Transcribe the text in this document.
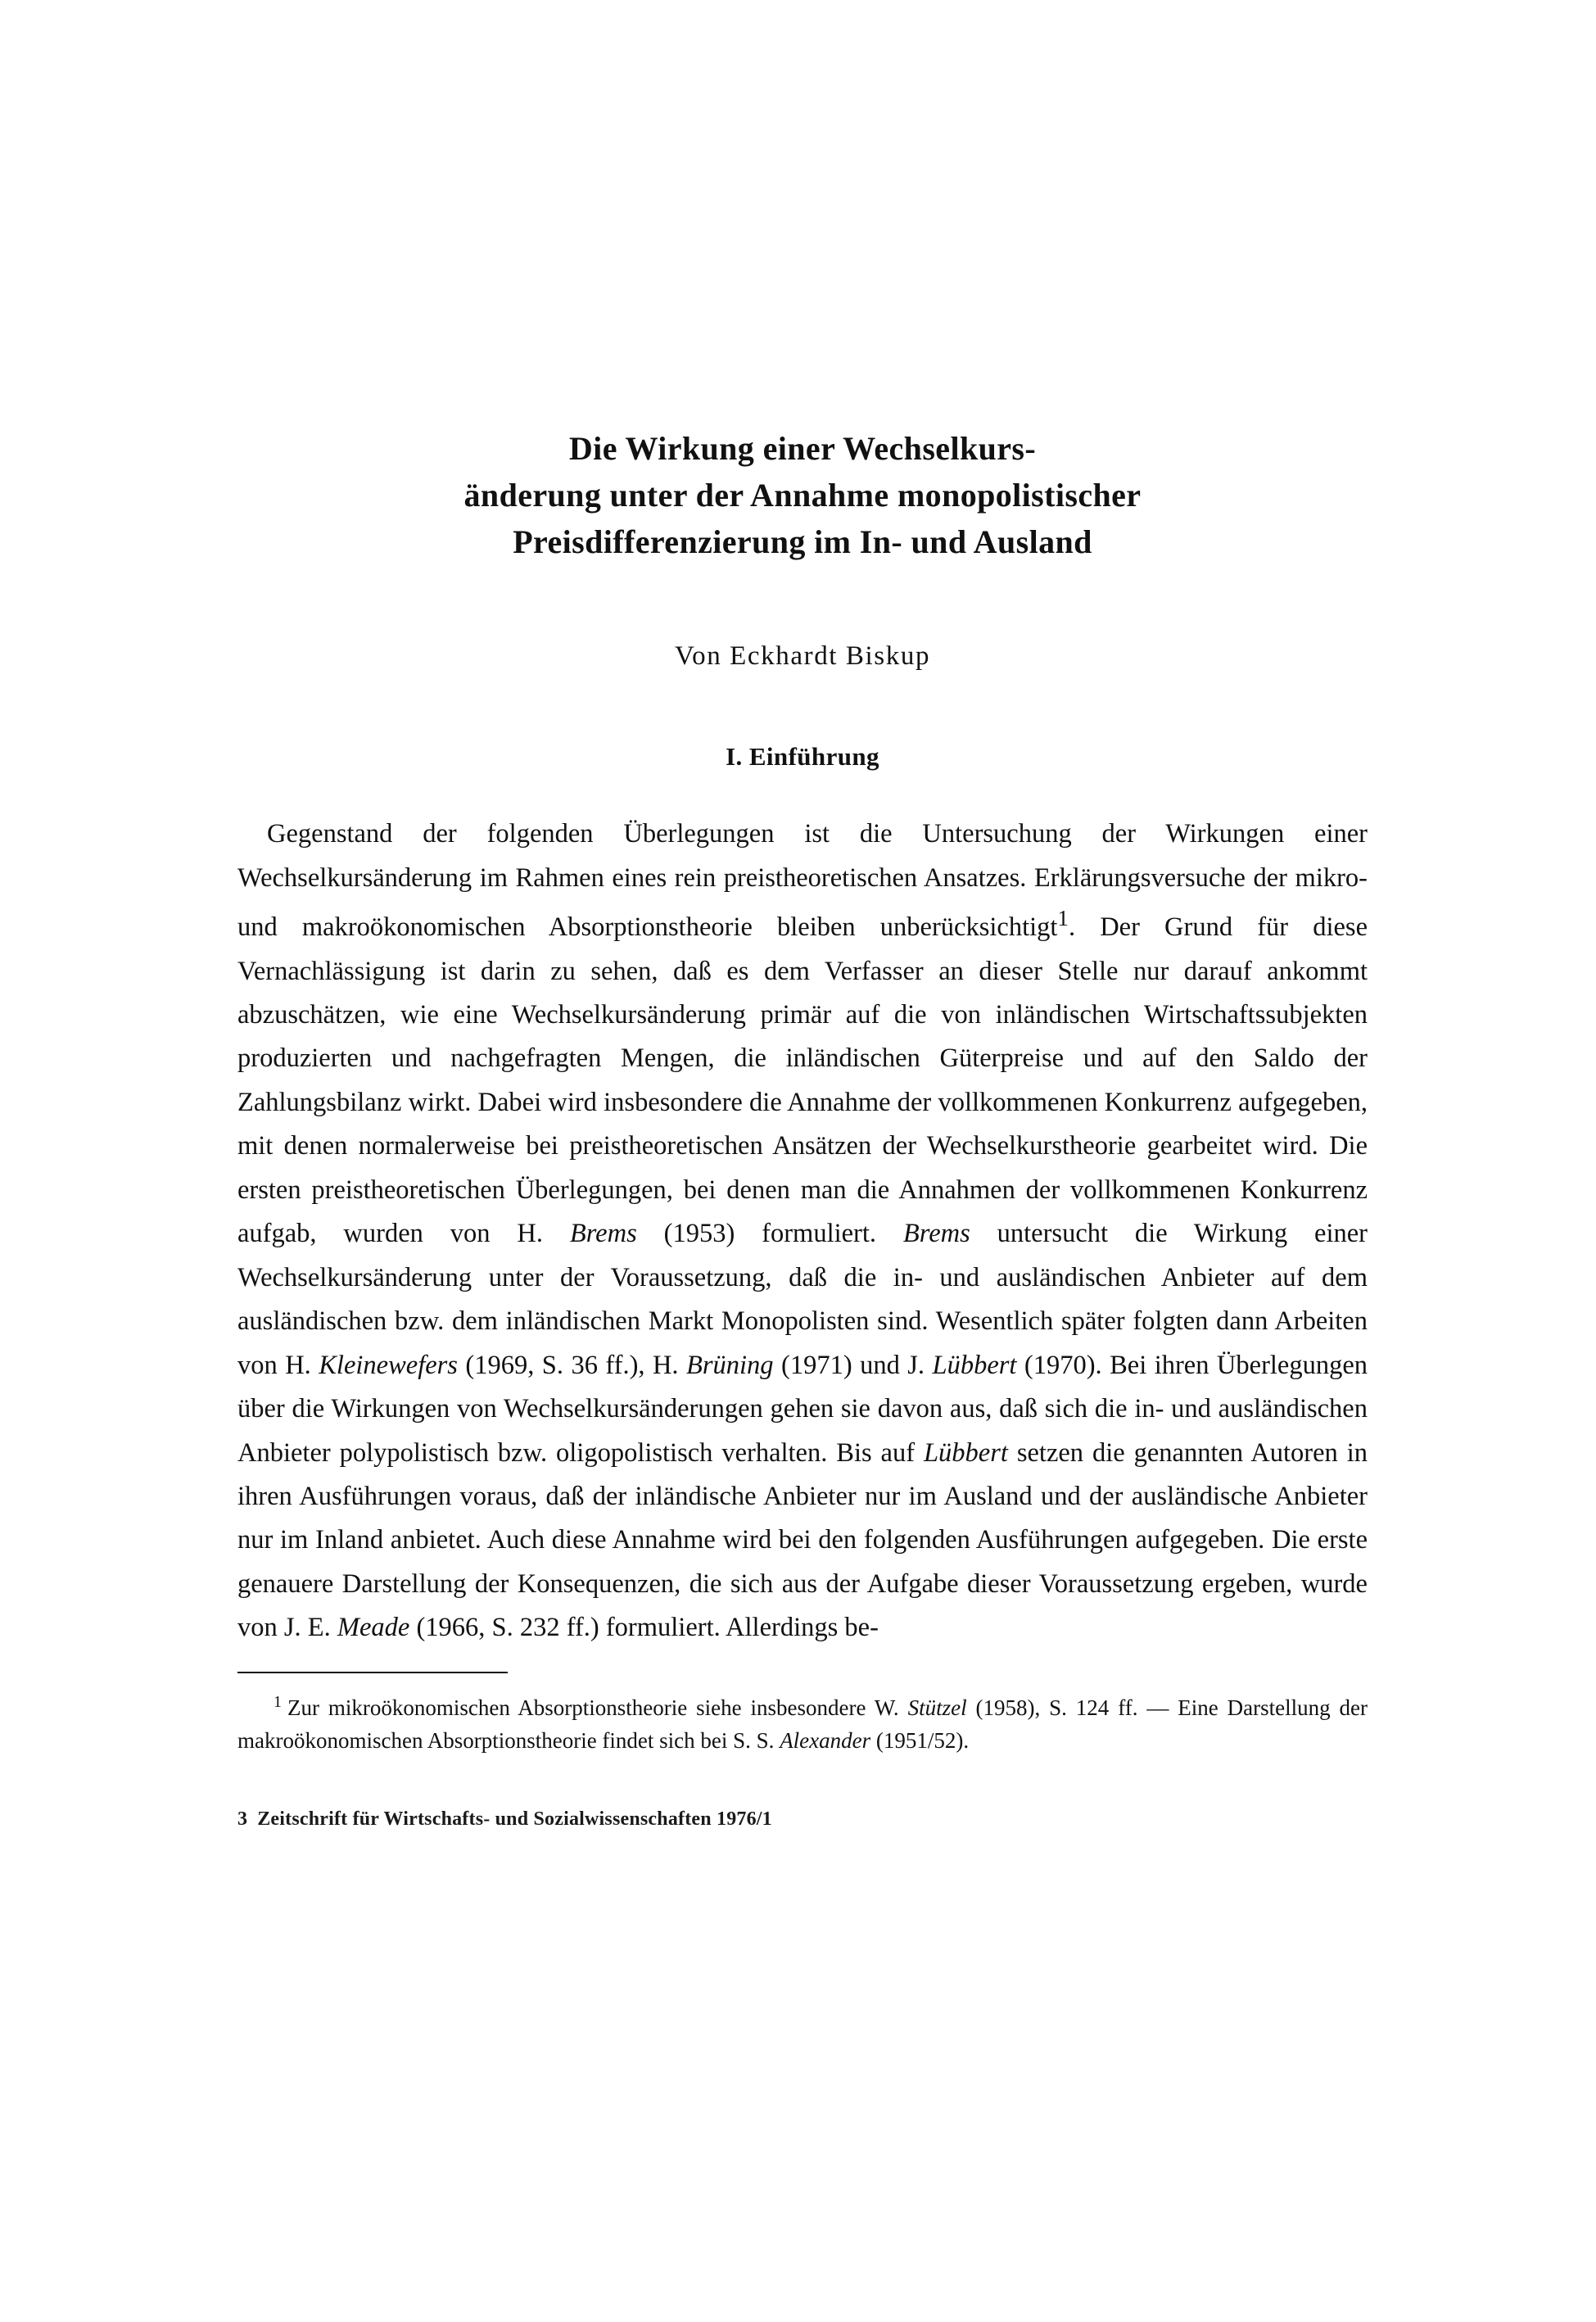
Die Wirkung einer Wechselkurs-
änderung unter der Annahme monopolistischer
Preisdifferenzierung im In- und Ausland
Von Eckhardt Biskup
I. Einführung

Gegenstand der folgenden Überlegungen ist die Untersuchung der Wirkungen einer Wechselkursänderung im Rahmen eines rein preistheoretischen Ansatzes. Erklärungsversuche der mikro- und makroökonomischen Absorptionstheorie bleiben unberücksichtigt$^1$. Der Grund für diese Vernachlässigung ist darin zu sehen, daß es dem Verfasser an dieser Stelle nur darauf ankommt abzuschätzen, wie eine Wechselkursänderung primär auf die von inländischen Wirtschaftssubjekten produzierten und nachgefragten Mengen, die inländischen Güterpreise und auf den Saldo der Zahlungsbilanz wirkt. Dabei wird insbesondere die Annahme der vollkommenen Konkurrenz aufgegeben, mit denen normalerweise bei preistheoretischen Ansätzen der Wechselkurstheorie gearbeitet wird. Die ersten preistheoretischen Überlegungen, bei denen man die Annahmen der vollkommenen Konkurrenz aufgab, wurden von H. Brems (1953) formuliert. Brems untersucht die Wirkung einer Wechselkursänderung unter der Voraussetzung, daß die in- und ausländischen Anbieter auf dem ausländischen bzw. dem inländischen Markt Monopolisten sind. Wesentlich später folgten dann Arbeiten von H. Kleinewefers (1969, S. 36 ff.), H. Brüning (1971) und J. Lübbert (1970). Bei ihren Überlegungen über die Wirkungen von Wechselkursänderungen gehen sie davon aus, daß sich die in- und ausländischen Anbieter polypolistisch bzw. oligopolistisch verhalten. Bis auf Lübbert setzen die genannten Autoren in ihren Ausführungen voraus, daß der inländische Anbieter nur im Ausland und der ausländische Anbieter nur im Inland anbietet. Auch diese Annahme wird bei den folgenden Ausführungen aufgegeben. Die erste genauere Darstellung der Konsequenzen, die sich aus der Aufgabe dieser Voraussetzung ergeben, wurde von J. E. Meade (1966, S. 232 ff.) formuliert. Allerdings be-

$^1$ Zur mikroökonomischen Absorptionstheorie siehe insbesondere W. Stützel (1958), S. 124 ff. — Eine Darstellung der makroökonomischen Absorptionstheorie findet sich bei S. S. Alexander (1951/52).

3 Zeitschrift für Wirtschafts- und Sozialwissenschaften 1976/1
